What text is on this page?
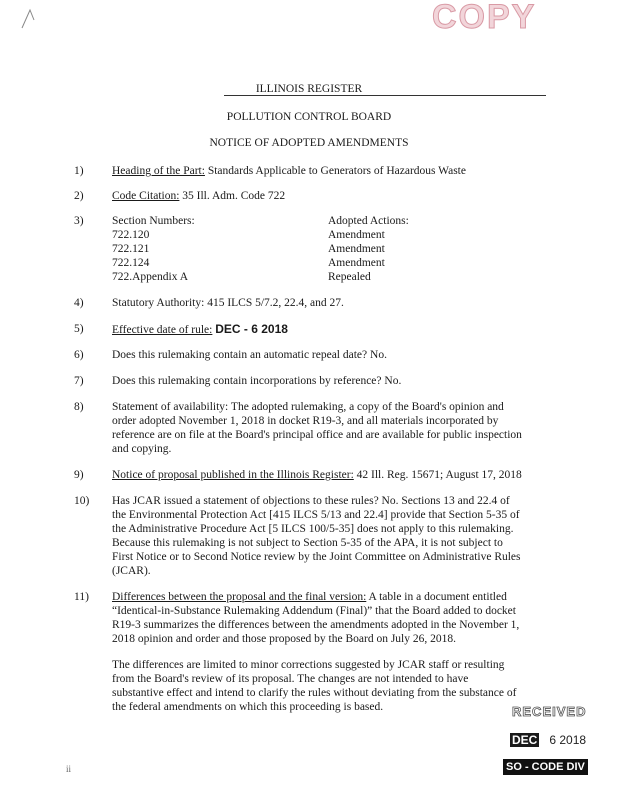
COPY
ILLINOIS REGISTER
POLLUTION CONTROL BOARD
NOTICE OF ADOPTED AMENDMENTS
1)	Heading of the Part: Standards Applicable to Generators of Hazardous Waste
2)	Code Citation: 35 Ill. Adm. Code 722
3)	Section Numbers:	Adopted Actions:
722.120	Amendment
722.121	Amendment
722.124	Amendment
722.Appendix A	Repealed
4)	Statutory Authority: 415 ILCS 5/7.2, 22.4, and 27.
5)	Effective date of rule: DEC - 6 2018
6)	Does this rulemaking contain an automatic repeal date? No.
7)	Does this rulemaking contain incorporations by reference? No.
8)	Statement of availability: The adopted rulemaking, a copy of the Board's opinion and
order adopted November 1, 2018 in docket R19-3, and all materials incorporated by
reference are on file at the Board's principal office and are available for public inspection
and copying.
9)	Notice of proposal published in the Illinois Register: 42 Ill. Reg. 15671; August 17, 2018
10)	Has JCAR issued a statement of objections to these rules? No. Sections 13 and 22.4 of
the Environmental Protection Act [415 ILCS 5/13 and 22.4] provide that Section 5-35 of
the Administrative Procedure Act [5 ILCS 100/5-35] does not apply to this rulemaking.
Because this rulemaking is not subject to Section 5-35 of the APA, it is not subject to
First Notice or to Second Notice review by the Joint Committee on Administrative Rules
(JCAR).
11)	Differences between the proposal and the final version: A table in a document entitled
“Identical-in-Substance Rulemaking Addendum (Final)” that the Board added to docket
R19-3 summarizes the differences between the amendments adopted in the November 1,
2018 opinion and order and those proposed by the Board on July 26, 2018.
The differences are limited to minor corrections suggested by JCAR staff or resulting
from the Board's review of its proposal. The changes are not intended to have
substantive effect and intend to clarify the rules without deviating from the substance of
the federal amendments on which this proceeding is based.	RECEIVED
DEC 6 2018
SO - CODE DIV
ii
